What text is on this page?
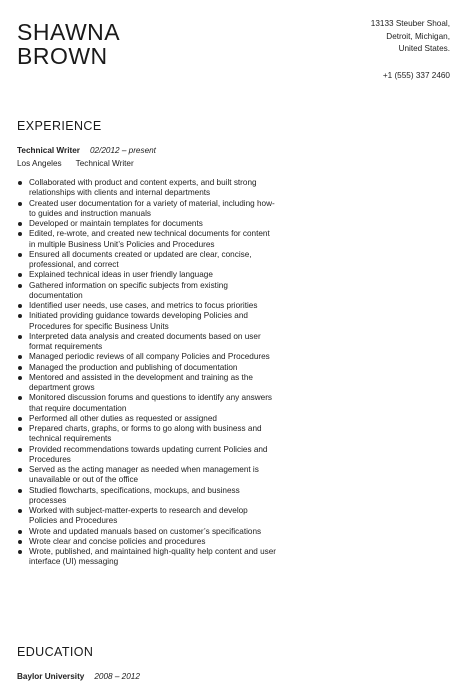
SHAWNA
BROWN
13133 Steuber Shoal,
Detroit, Michigan,
United States.
+1 (555) 337 2460
EXPERIENCE
Technical Writer 02/2012 – present
Los Angeles Technical Writer
Collaborated with product and content experts, and built strong relationships with clients and internal departments
Created user documentation for a variety of material, including how-to guides and instruction manuals
Developed or maintain templates for documents
Edited, re-wrote, and created new technical documents for content in multiple Business Unit’s Policies and Procedures
Ensured all documents created or updated are clear, concise, professional, and correct
Explained technical ideas in user friendly language
Gathered information on specific subjects from existing documentation
Identified user needs, use cases, and metrics to focus priorities
Initiated providing guidance towards developing Policies and Procedures for specific Business Units
Interpreted data analysis and created documents based on user format requirements
Managed periodic reviews of all company Policies and Procedures
Managed the production and publishing of documentation
Mentored and assisted in the development and training as the department grows
Monitored discussion forums and questions to identify any answers that require documentation
Performed all other duties as requested or assigned
Prepared charts, graphs, or forms to go along with business and technical requirements
Provided recommendations towards updating current Policies and Procedures
Served as the acting manager as needed when management is unavailable or out of the office
Studied flowcharts, specifications, mockups, and business processes
Worked with subject-matter-experts to research and develop Policies and Procedures
Wrote and updated manuals based on customer’s specifications
Wrote clear and concise policies and procedures
Wrote, published, and maintained high-quality help content and user interface (UI) messaging
EDUCATION
Baylor University 2008 – 2012
